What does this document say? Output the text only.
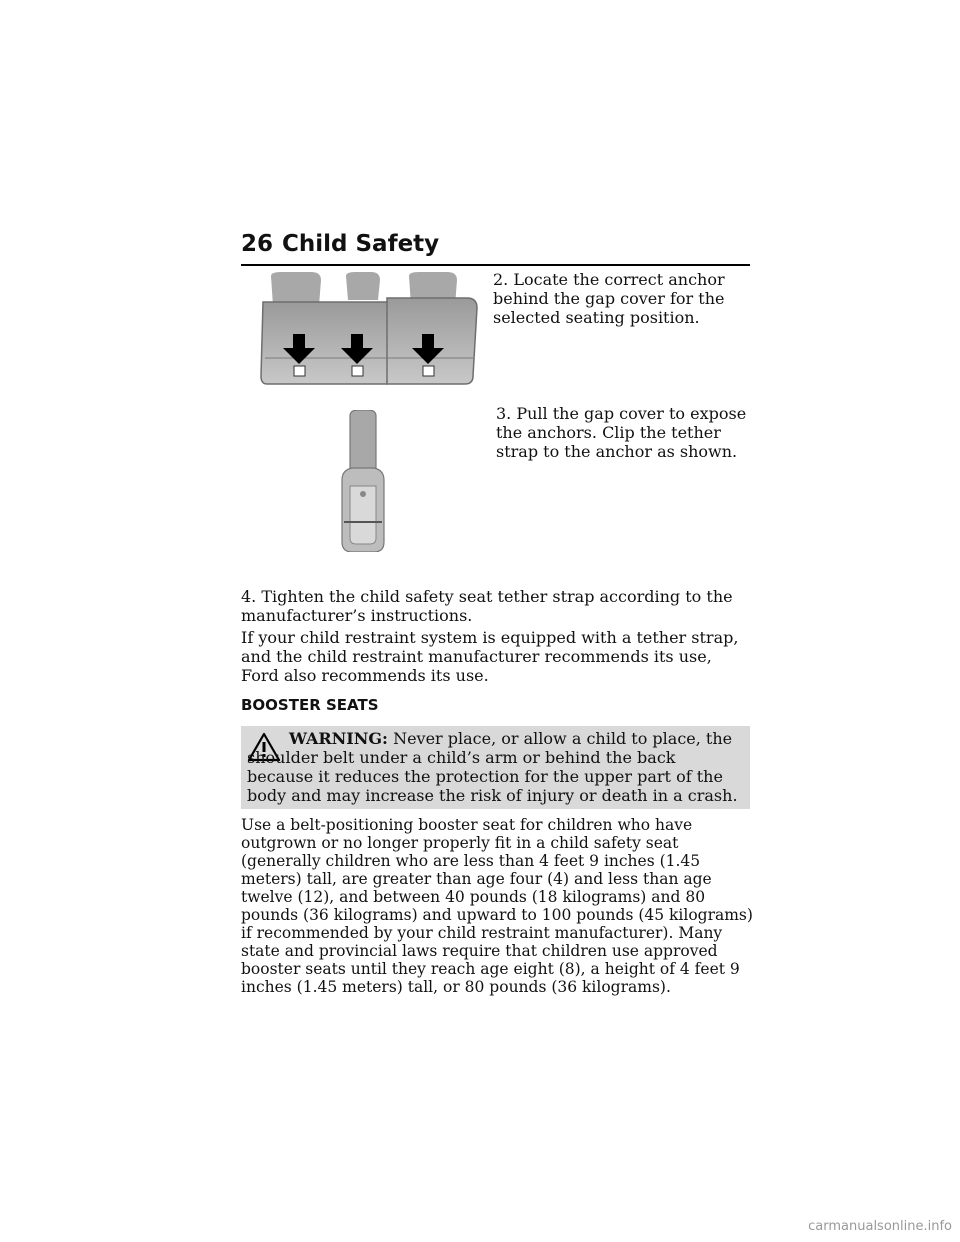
26 Child Safety
2. Locate the correct anchor behind the gap cover for the selected seating position.
3. Pull the gap cover to expose the anchors. Clip the tether strap to the anchor as shown.
4. Tighten the child safety seat tether strap according to the manufacturer’s instructions.
If your child restraint system is equipped with a tether strap, and the child restraint manufacturer recommends its use, Ford also recommends its use.
BOOSTER SEATS
WARNING: Never place, or allow a child to place, the shoulder belt under a child’s arm or behind the back because it reduces the protection for the upper part of the body and may increase the risk of injury or death in a crash.
Use a belt-positioning booster seat for children who have outgrown or no longer properly fit in a child safety seat (generally children who are less than 4 feet 9 inches (1.45 meters) tall, are greater than age four (4) and less than age twelve (12), and between 40 pounds (18 kilograms) and 80 pounds (36 kilograms) and upward to 100 pounds (45 kilograms) if recommended by your child restraint manufacturer). Many state and provincial laws require that children use approved booster seats until they reach age eight (8), a height of 4 feet 9 inches (1.45 meters) tall, or 80 pounds (36 kilograms).
carmanualsonline.info
